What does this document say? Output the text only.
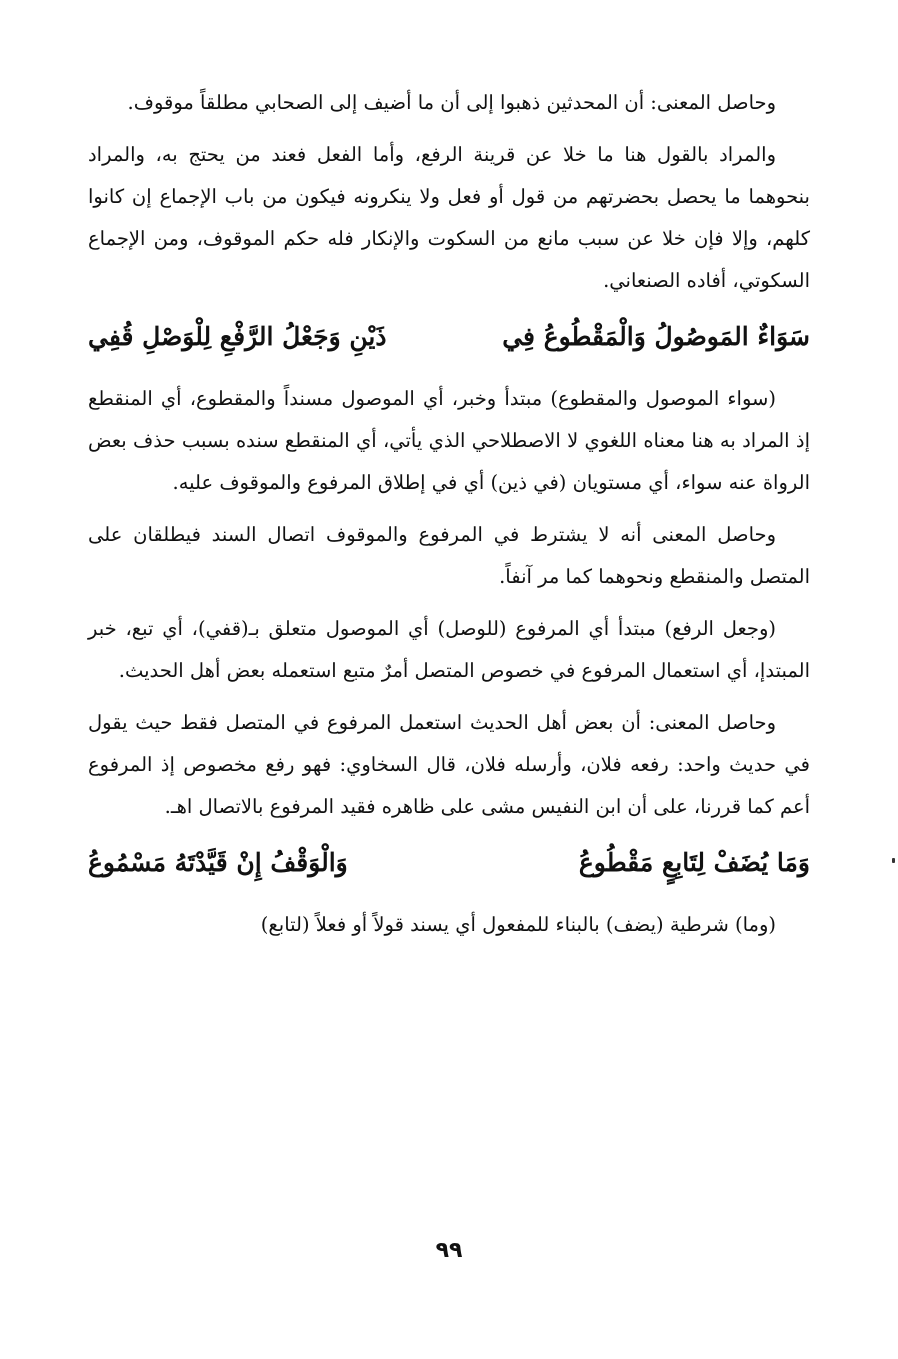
وحاصل المعنى: أن المحدثين ذهبوا إلى أن ما أضيف إلى الصحابي مطلقاً موقوف.

والمراد بالقول هنا ما خلا عن قرينة الرفع، وأما الفعل فعند من يحتج به، والمراد بنحوهما ما يحصل بحضرتهم من قول أو فعل ولا ينكرونه فيكون من باب الإجماع إن كانوا كلهم، وإلا فإن خلا عن سبب مانع من السكوت والإنكار فله حكم الموقوف، ومن الإجماع السكوتي، أفاده الصنعاني.

سَوَاءٌ المَوصُولُ وَالْمَقْطُوعُ فِي
ذَيْنِ وَجَعْلُ الرَّفْعِ لِلْوَصْلِ قُفِي

(سواء الموصول والمقطوع) مبتدأ وخبر، أي الموصول مسنداً والمقطوع، أي المنقطع إذ المراد به هنا معناه اللغوي لا الاصطلاحي الذي يأتي، أي المنقطع سنده بسبب حذف بعض الرواة عنه سواء، أي مستويان (في ذين) أي في إطلاق المرفوع والموقوف عليه.

وحاصل المعنى أنه لا يشترط في المرفوع والموقوف اتصال السند فيطلقان على المتصل والمنقطع ونحوهما كما مر آنفاً.

(وجعل الرفع) مبتدأ أي المرفوع (للوصل) أي الموصول متعلق بـ(قفي)، أي تبع، خبر المبتدإ، أي استعمال المرفوع في خصوص المتصل أمرٌ متبع استعمله بعض أهل الحديث.

وحاصل المعنى: أن بعض أهل الحديث استعمل المرفوع في المتصل فقط حيث يقول في حديث واحد: رفعه فلان، وأرسله فلان، قال السخاوي: فهو رفع مخصوص إذ المرفوع أعم كما قررنا، على أن ابن النفيس مشى على ظاهره فقيد المرفوع بالاتصال اهـ.

وَمَا يُضَفْ لِتَابِعٍ مَقْطُوعُ
وَالْوَقْفُ إِنْ قَيَّدْتَهُ مَسْمُوعُ

(وما) شرطية (يضف) بالبناء للمفعول أي يسند قولاً أو فعلاً (لتابع)

٩٩
